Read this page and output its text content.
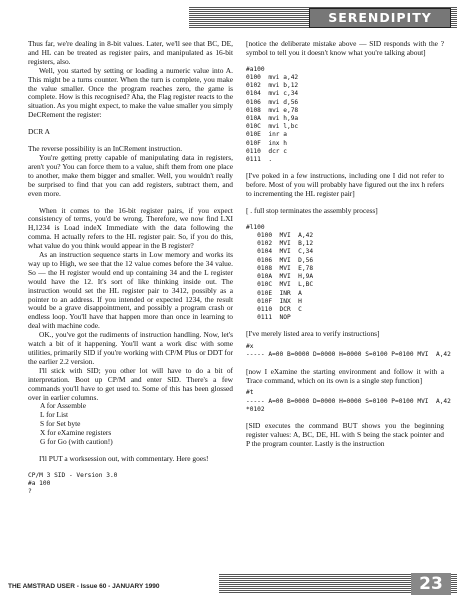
SERENDIPITY

Thus far, we're dealing in 8-bit values. Later, we'll see that BC, DE, and HL can be treated as register pairs, and manipulated as 16-bit registers, also.

Well, you started by setting or loading a numeric value into A. This might be a turns counter. When the turn is complete, you make the value smaller. Once the program reaches zero, the game is complete. How is this recognised? Aha, the Flag register reacts to the situation. As you might expect, to make the value smaller you simply DeCRement the register:

DCR A

The reverse possibility is an InCRement instruction.

You're getting pretty capable of manipulating data in registers, aren't you? You can force them to a value, shift them from one place to another, make them bigger and smaller. Well, you wouldn't really be surprised to find that you can add registers, subtract them, and even more.

When it comes to the 16-bit register pairs, if you expect consistency of terms, you'd be wrong. Therefore, we now find LXI H,1234 is Load indeX Immediate with the data following the comma. H actually refers to the HL register pair. So, if you do this, what value do you think would appear in the B register?

As an instruction sequence starts in Low memory and works its way up to High, we see that the 12 value comes before the 34 value. So — the H register would end up containing 34 and the L register would have the 12. It's sort of like thinking inside out. The instruction would set the HL register pair to 3412, possibly as a pointer to an address. If you intended or expected 1234, the result would be a grave disappointment, and possibly a program crash or endless loop. You'll have that happen more than once in learning to deal with machine code.

OK., you've got the rudiments of instruction handling. Now, let's watch a bit of it happening. You'll want a work disc with some utilities, primarily SID if you're working with CP/M Plus or DDT for the earlier 2.2 version.

I'll stick with SID; you other lot will have to do a bit of interpretation. Boot up CP/M and enter SID. There's a few commands you'll have to get used to. Some of this has been glossed over in earlier columns.

A for Assemble
L for List
S for Set byte
X for eXamine registers
G for Go (with caution!)

I'll PUT a worksession out, with commentary. Here goes!

CP/M 3 SID - Version 3.0
#a 100
?

[notice the deliberate mistake above — SID responds with the ? symbol to tell you it doesn't know what you're talking about]

#a100
0100  mvi a,42
0102  mvi b,12
0104  mvi c,34
0106  mvi d,56
0108  mvi e,78
010A  mvi h,9a
010C  mvi l,bc
010E  inr a
010F  inx h
0110  dcr c
0111  .

[I've poked in a few instructions, including one I did not refer to before. Most of you will probably have figured out the inx h refers to incrementing the HL register pair]

[ . full stop terminates the assembly process]

#l100
0100  MVI  A,42
0102  MVI  B,12
0104  MVI  C,34
0106  MVI  D,56
0108  MVI  E,78
010A  MVI  H,9A
010C  MVI  L,BC
010E  INR  A
010F  INX  H
0110  DCR  C
0111  NOP

[I've merely listed area to verify instructions]

#x
----- A=00 B=0000 D=0000 H=0000 S=0100 P=0100 MVI  A,42

[now I eXamine the starting environment and follow it with a Trace command, which on its own is a single step function]

#t
----- A=00 B=0000 D=0000 H=0000 S=0100 P=0100 MVI  A,42
*0102

[SID executes the command BUT shows you the beginning register values: A, BC, DE, HL with S being the stack pointer and P the program counter. Lastly is the instruction

THE AMSTRAD USER - Issue 60 - JANUARY 1990	23
